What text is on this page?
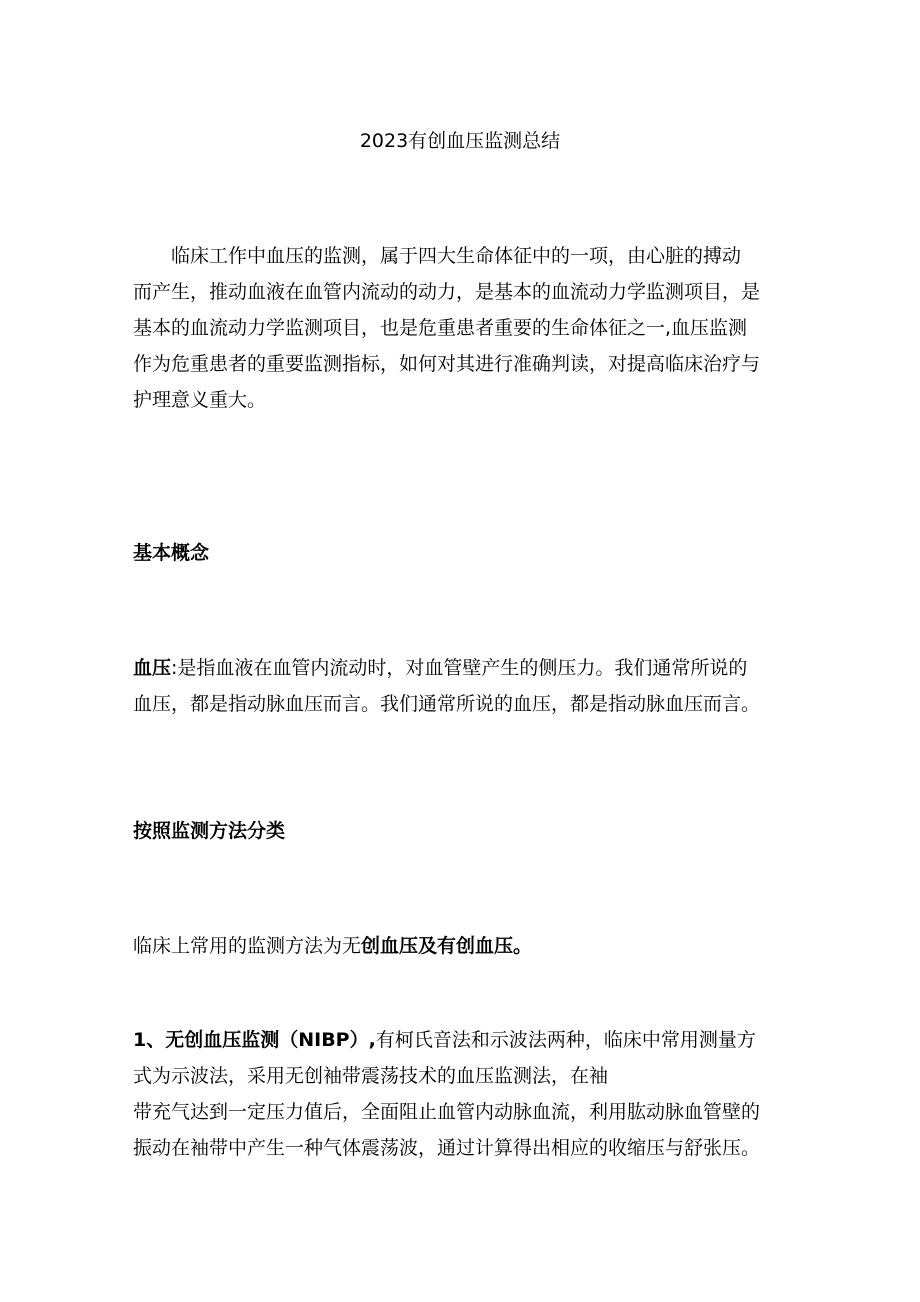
2023有创血压监测总结
临床工作中血压的监测，属于四大生命体征中的一项，由心脏的搏动
而产生，推动血液在血管内流动的动力，是基本的血流动力学监测项目，是
基本的血流动力学监测项目，也是危重患者重要的生命体征之一,血压监测
作为危重患者的重要监测指标，如何对其进行准确判读，对提高临床治疗与
护理意义重大。
基本概念
血压:是指血液在血管内流动时，对血管壁产生的侧压力。我们通常所说的
血压，都是指动脉血压而言。我们通常所说的血压，都是指动脉血压而言。
按照监测方法分类
临床上常用的监测方法为无创血压及有创血压。
1、无创血压监测（NIBP）,有柯氏音法和示波法两种，临床中常用测量方
式为示波法，采用无创袖带震荡技术的血压监测法，在袖
带充气达到一定压力值后，全面阻止血管内动脉血流，利用肱动脉血管壁的
振动在袖带中产生一种气体震荡波，通过计算得出相应的收缩压与舒张压。
